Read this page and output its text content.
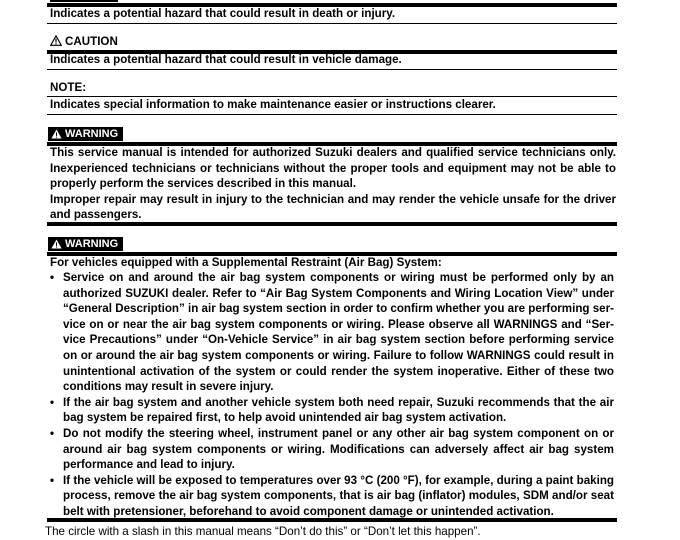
Indicates a potential hazard that could result in death or injury.

CAUTION

Indicates a potential hazard that could result in vehicle damage.

NOTE:

Indicates special information to make maintenance easier or instructions clearer.

WARNING
This service manual is intended for authorized Suzuki dealers and qualified service technicians only.
Inexperienced technicians or technicians without the proper tools and equipment may not be able to
properly perform the services described in this manual.
Improper repair may result in injury to the technician and may render the vehicle unsafe for the driver
and passengers.
WARNING

For vehicles equipped with a Supplemental Restraint (Air Bag) System:

• Service on and around the air bag system components or wiring must be performed only by an
authorized SUZUKI dealer. Refer to “Air Bag System Components and Wiring Location View” under
“General Description” in air bag system section in order to confirm whether you are performing ser-
vice on or near the air bag system components or wiring. Please observe all WARNINGS and “Ser-
vice Precautions” under “On-Vehicle Service” in air bag system section before performing service
on or around the air bag system components or wiring. Failure to follow WARNINGS could result in
unintentional activation of the system or could render the system inoperative. Either of these two
conditions may result in severe injury.

• If the air bag system and another vehicle system both need repair, Suzuki recommends that the air
bag system be repaired first, to help avoid unintended air bag system activation.

• Do not modify the steering wheel, instrument panel or any other air bag system component on or
around air bag system components or wiring. Modifications can adversely affect air bag system
performance and lead to injury.

• If the vehicle will be exposed to temperatures over 93 °C (200 °F), for example, during a paint baking
process, remove the air bag system components, that is air bag (inflator) modules, SDM and/or seat
belt with pretensioner, beforehand to avoid component damage or unintended activation.

The circle with a slash in this manual means “Don’t do this” or “Don’t let this happen”.
